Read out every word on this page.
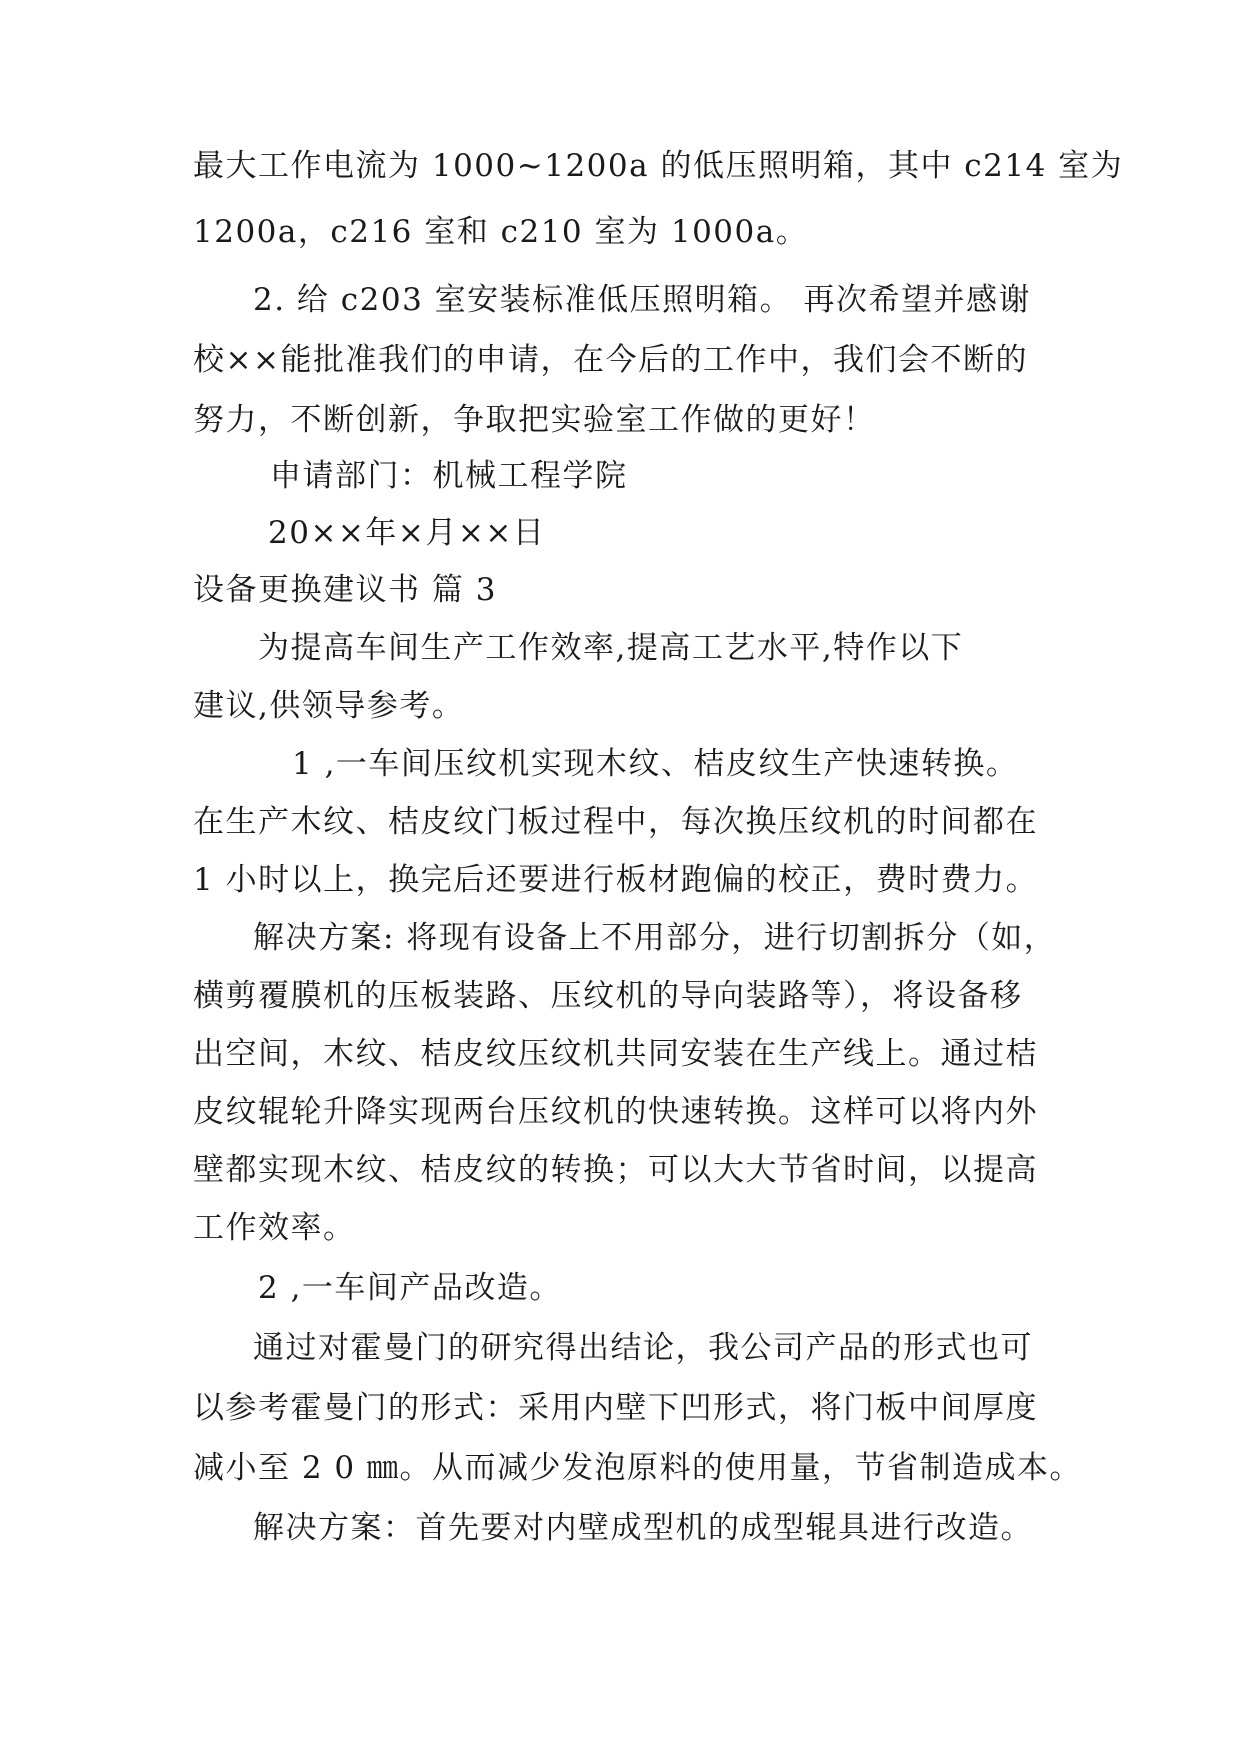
最大工作电流为 1000~1200a 的低压照明箱，其中 c214 室为
1200a，c216 室和 c210 室为 1000a。
2. 给 c203 室安装标准低压照明箱。 再次希望并感谢
校××能批准我们的申请，在今后的工作中，我们会不断的
努力，不断创新，争取把实验室工作做的更好！
申请部门：机械工程学院
20××年×月××日
设备更换建议书 篇 3
为提高车间生产工作效率,提高工艺水平,特作以下
建议,供领导参考。
1 ,一车间压纹机实现木纹、桔皮纹生产快速转换。
在生产木纹、桔皮纹门板过程中，每次换压纹机的时间都在
1 小时以上，换完后还要进行板材跑偏的校正，费时费力。
解决方案: 将现有设备上不用部分，进行切割拆分（如，
横剪覆膜机的压板装路、压纹机的导向装路等），将设备移
出空间，木纹、桔皮纹压纹机共同安装在生产线上。通过桔
皮纹辊轮升降实现两台压纹机的快速转换。这样可以将内外
壁都实现木纹、桔皮纹的转换；可以大大节省时间，以提高
工作效率。
2 ,一车间产品改造。
通过对霍曼门的研究得出结论，我公司产品的形式也可
以参考霍曼门的形式：采用内壁下凹形式，将门板中间厚度
减小至 2 0 ㎜。从而减少发泡原料的使用量，节省制造成本。
解决方案：首先要对内壁成型机的成型辊具进行改造。
